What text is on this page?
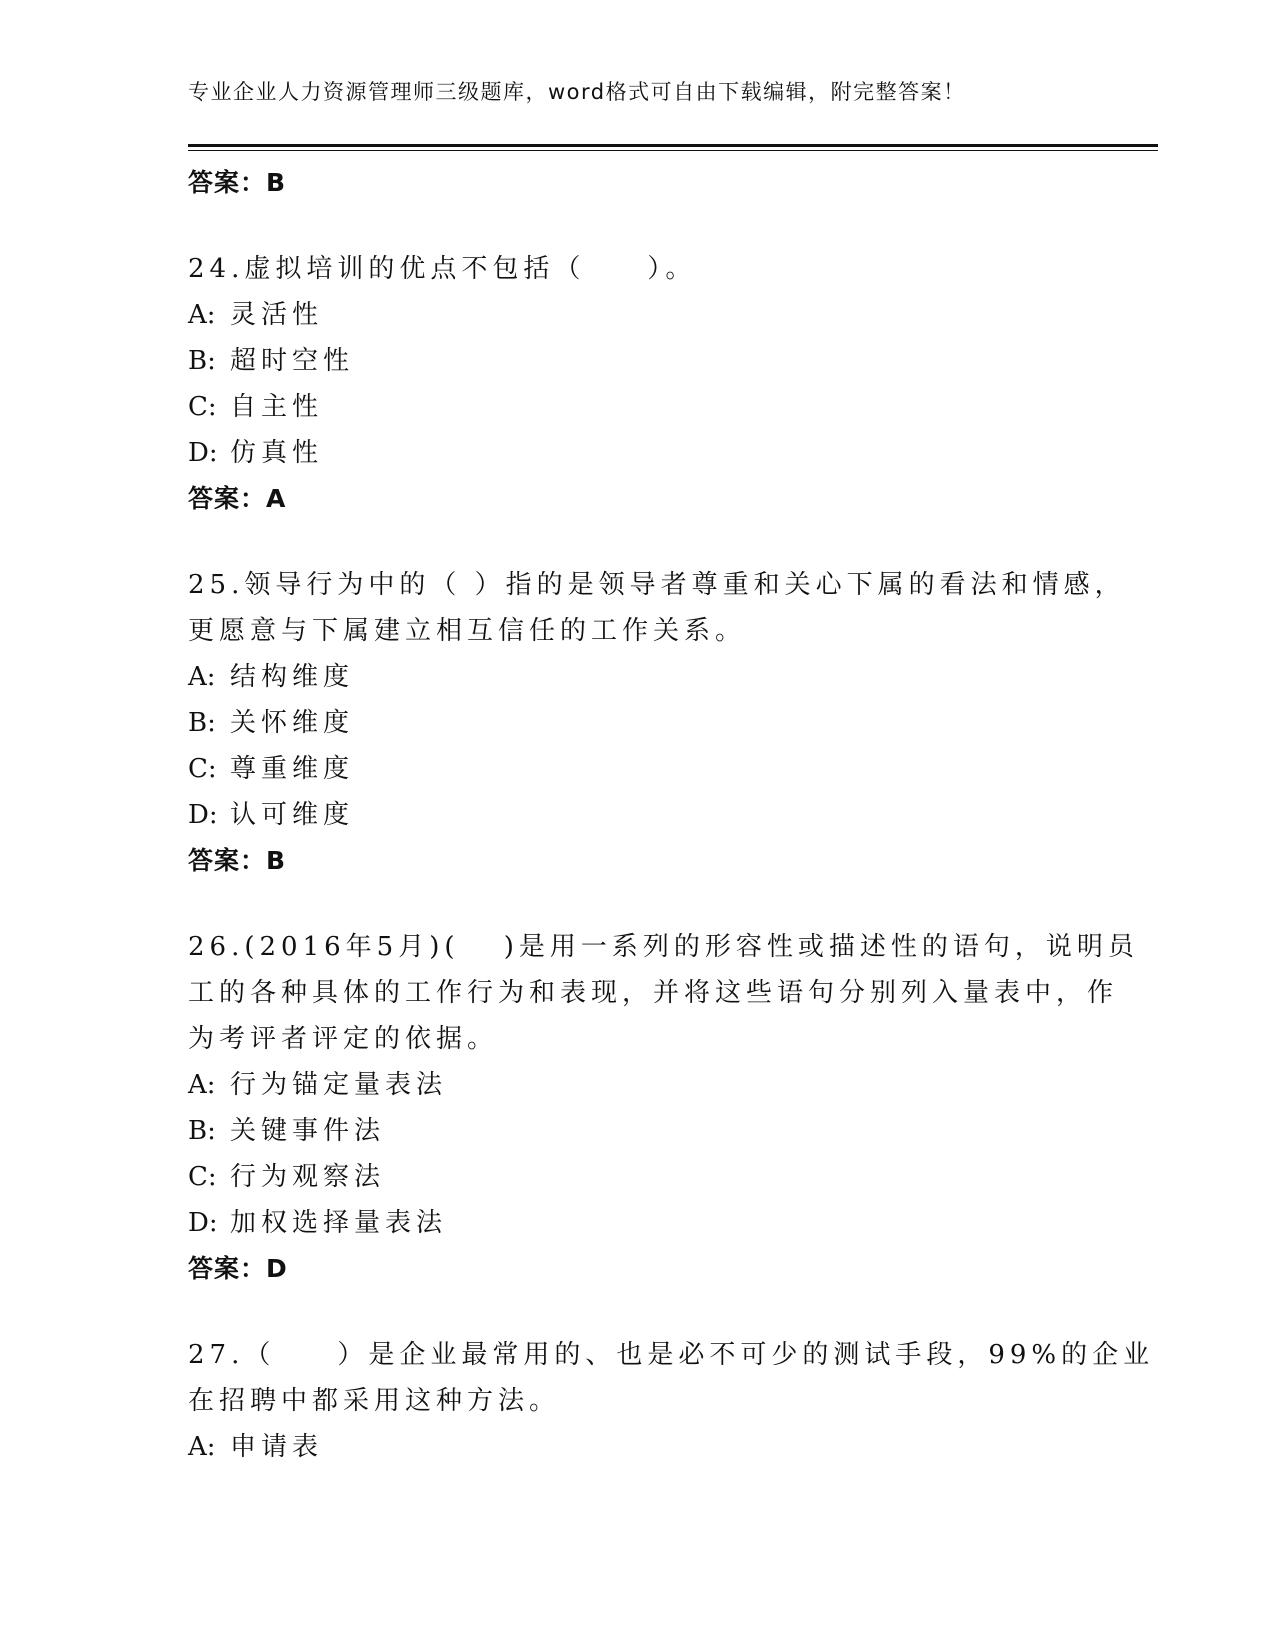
专业企业人力资源管理师三级题库，word格式可自由下载编辑，附完整答案！
答案：B
24.虚拟培训的优点不包括（　　）。
A: 灵活性
B: 超时空性
C: 自主性
D: 仿真性
答案：A
25.领导行为中的（ ）指的是领导者尊重和关心下属的看法和情感，
更愿意与下属建立相互信任的工作关系。
A: 结构维度
B: 关怀维度
C: 尊重维度
D: 认可维度
答案：B
26.(2016年5月)(　 )是用一系列的形容性或描述性的语句，说明员
工的各种具体的工作行为和表现，并将这些语句分别列入量表中，作
为考评者评定的依据。
A: 行为锚定量表法
B: 关键事件法
C: 行为观察法
D: 加权选择量表法
答案：D
27.（　　）是企业最常用的、也是必不可少的测试手段，99%的企业
在招聘中都采用这种方法。
A: 申请表
